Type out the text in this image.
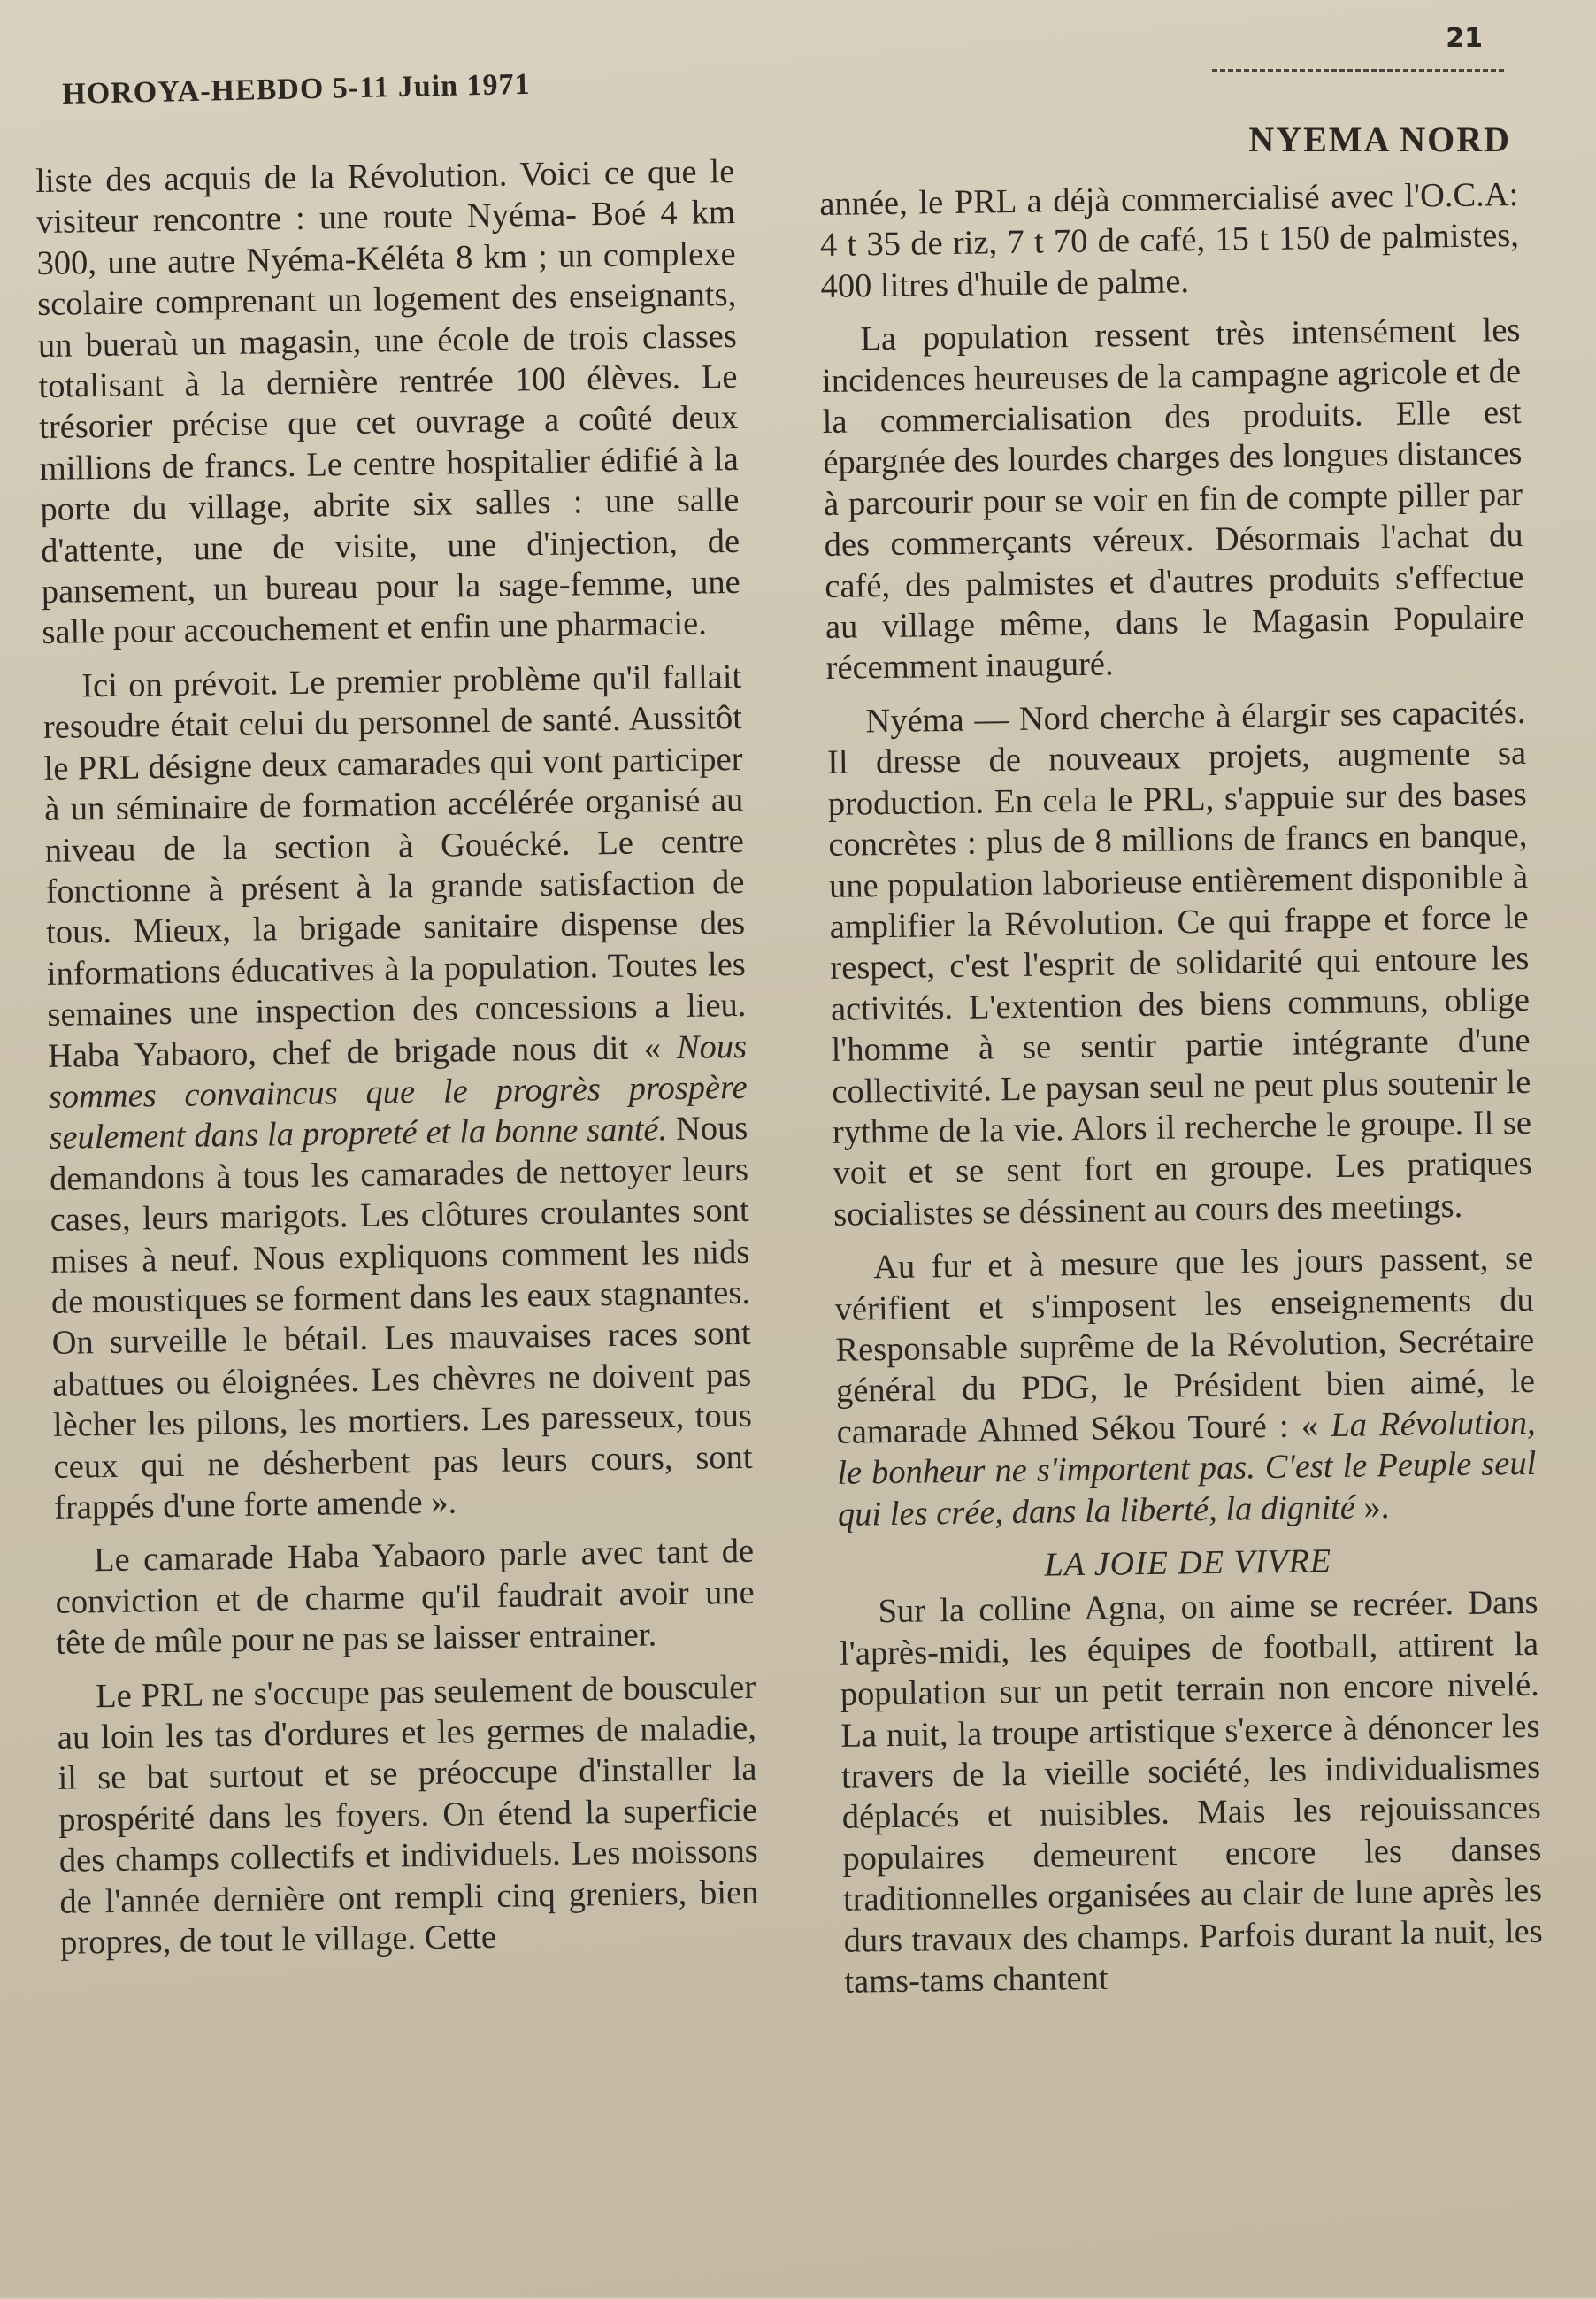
21
HOROYA-HEBDO 5-11 Juin 1971
NYEMA NORD

liste des acquis de la Révolution. Voici ce que le visiteur rencontre : une route Nyéma- Boé 4 km 300, une autre Nyéma-Kéléta 8 km ; un complexe scolaire comprenant un logement des enseignants, un bueraù un magasin, une école de trois classes totalisant à la dernière rentrée 100 élèves. Le trésorier précise que cet ouvrage a coûté deux millions de francs. Le centre hospitalier édifié à la porte du village, abrite six salles : une salle d'attente, une de visite, une d'injection, de pansement, un bureau pour la sage-femme, une salle pour accouchement et enfin une pharmacie.

Ici on prévoit. Le premier problème qu'il fallait resoudre était celui du personnel de santé. Aussitôt le PRL désigne deux camarades qui vont participer à un séminaire de formation accélérée organisé au niveau de la section à Gouécké. Le centre fonctionne à présent à la grande satisfaction de tous. Mieux, la brigade sanitaire dispense des informations éducatives à la population. Toutes les semaines une inspection des concessions a lieu. Haba Yabaoro, chef de brigade nous dit « Nous sommes convaincus que le progrès prospère seulement dans la propreté et la bonne santé. Nous demandons à tous les camarades de nettoyer leurs cases, leurs marigots. Les clôtures croulantes sont mises à neuf. Nous expliquons comment les nids de moustiques se forment dans les eaux stagnantes. On surveille le bétail. Les mauvaises races sont abattues ou éloignées. Les chèvres ne doivent pas lècher les pilons, les mortiers. Les paresseux, tous ceux qui ne désherbent pas leurs cours, sont frappés d'une forte amende ».

Le camarade Haba Yabaoro parle avec tant de conviction et de charme qu'il faudrait avoir une tête de mûle pour ne pas se laisser entrainer.

Le PRL ne s'occupe pas seulement de bousculer au loin les tas d'ordures et les germes de maladie, il se bat surtout et se préoccupe d'installer la prospérité dans les foyers. On étend la superficie des champs collectifs et individuels. Les moissons de l'année dernière ont rempli cinq greniers, bien propres, de tout le village. Cette

année, le PRL a déjà commercialisé avec l'O.C.A: 4 t 35 de riz, 7 t 70 de café, 15 t 150 de palmistes, 400 litres d'huile de palme.

La population ressent très intensément les incidences heureuses de la campagne agricole et de la commercialisation des produits. Elle est épargnée des lourdes charges des longues distances à parcourir pour se voir en fin de compte piller par des commerçants véreux. Désormais l'achat du café, des palmistes et d'autres produits s'effectue au village même, dans le Magasin Populaire récemment inauguré.

Nyéma — Nord cherche à élargir ses capacités. Il dresse de nouveaux projets, augmente sa production. En cela le PRL, s'appuie sur des bases concrètes : plus de 8 millions de francs en banque, une population laborieuse entièrement disponible à amplifier la Révolution. Ce qui frappe et force le respect, c'est l'esprit de solidarité qui entoure les activités. L'extention des biens communs, oblige l'homme à se sentir partie intégrante d'une collectivité. Le paysan seul ne peut plus soutenir le rythme de la vie. Alors il recherche le groupe. Il se voit et se sent fort en groupe. Les pratiques socialistes se déssinent au cours des meetings.

Au fur et à mesure que les jours passent, se vérifient et s'imposent les enseignements du Responsable suprême de la Révolution, Secrétaire général du PDG, le Président bien aimé, le camarade Ahmed Sékou Touré : « La Révolution, le bonheur ne s'importent pas. C'est le Peuple seul qui les crée, dans la liberté, la dignité ».

LA JOIE DE VIVRE

Sur la colline Agna, on aime se recréer. Dans l'après-midi, les équipes de football, attirent la population sur un petit terrain non encore nivelé. La nuit, la troupe artistique s'exerce à dénoncer les travers de la vieille société, les individualismes déplacés et nuisibles. Mais les rejouissances populaires demeurent encore les danses traditionnelles organisées au clair de lune après les durs travaux des champs. Parfois durant la nuit, les tams-tams chantent
